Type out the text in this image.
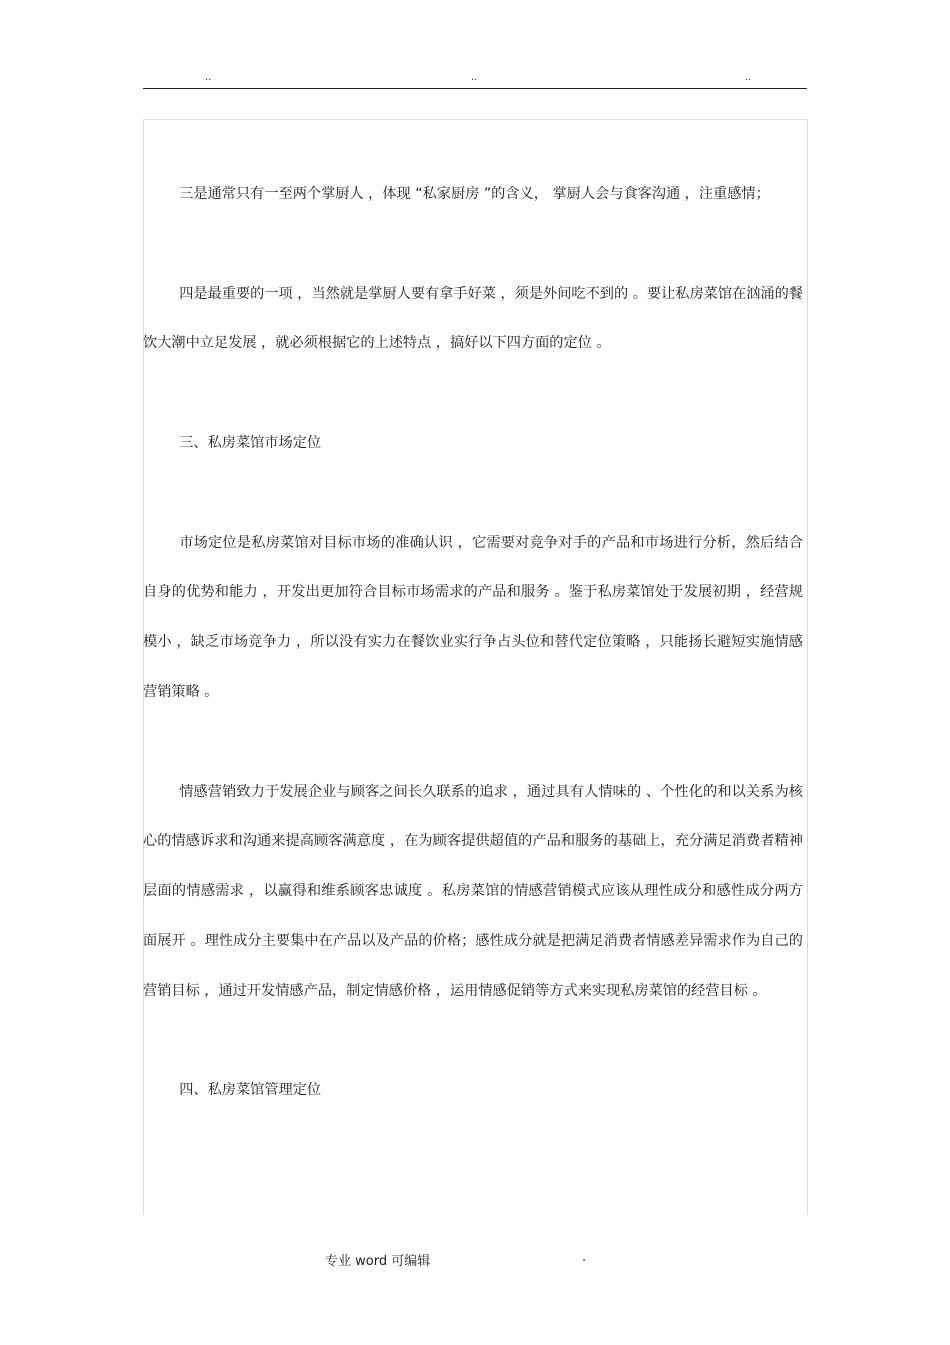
..	..	..

三是通常只有一至两个掌厨人 ，体现 “私家厨房 ”的含义， 掌厨人会与食客沟通 ，注重感情；

四是最重要的一项 ，当然就是掌厨人要有拿手好菜 ，须是外间吃不到的 。要让私房菜馆在汹涌的餐饮大潮中立足发展 ，就必须根据它的上述特点 ，搞好以下四方面的定位 。

三、私房菜馆市场定位

市场定位是私房菜馆对目标市场的准确认识 ，它需要对竞争对手的产品和市场进行分析，然后结合自身的优势和能力 ，开发出更加符合目标市场需求的产品和服务 。鉴于私房菜馆处于发展初期 ，经营规模小 ，缺乏市场竞争力 ，所以没有实力在餐饮业实行争占头位和替代定位策略 ，只能扬长避短实施情感营销策略 。

情感营销致力于发展企业与顾客之间长久联系的追求 ，通过具有人情味的 、个性化的和以关系为核心的情感诉求和沟通来提高顾客满意度 ，在为顾客提供超值的产品和服务的基础上，充分满足消费者精神层面的情感需求 ，以赢得和维系顾客忠诚度 。私房菜馆的情感营销模式应该从理性成分和感性成分两方面展开 。理性成分主要集中在产品以及产品的价格；感性成分就是把满足消费者情感差异需求作为自己的营销目标 ，通过开发情感产品，制定情感价格 ，运用情感促销等方式来实现私房菜馆的经营目标 。

四、私房菜馆管理定位

专业 word 可编辑	.
